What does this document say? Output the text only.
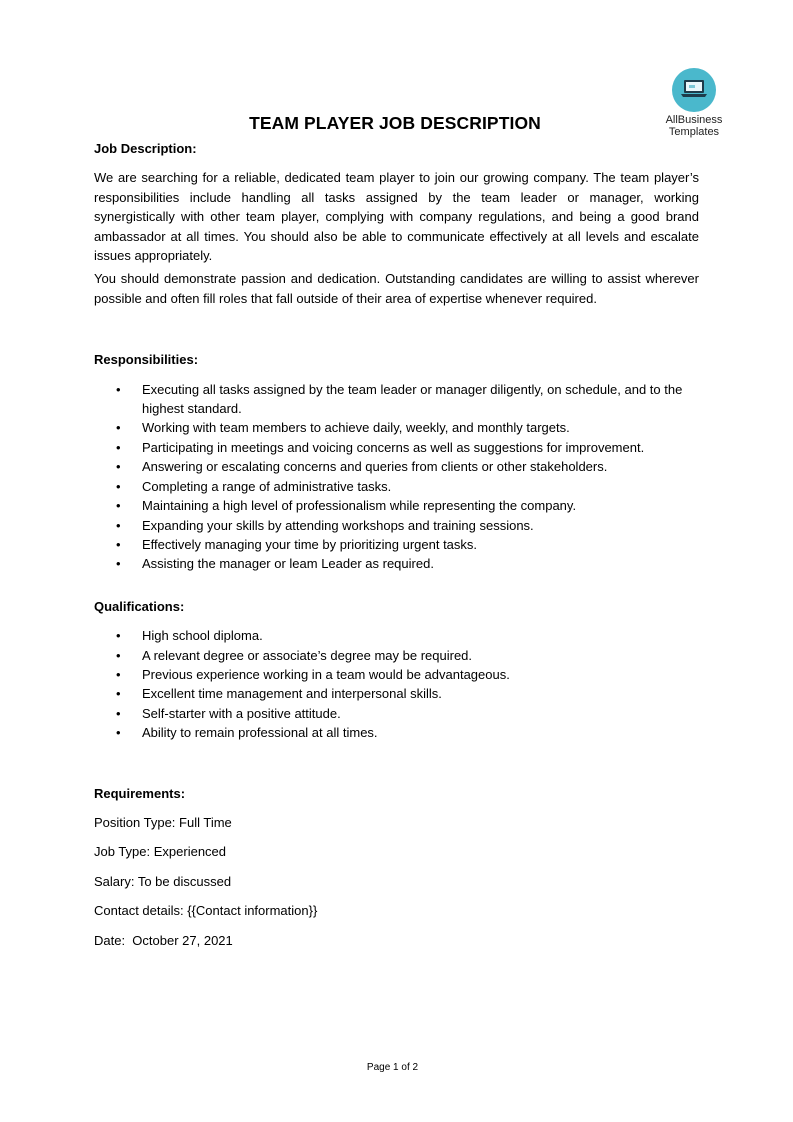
AllBusiness
Templates
TEAM PLAYER JOB DESCRIPTION

Job Description:

We are searching for a reliable, dedicated team player to join our growing company. The team player’s responsibilities include handling all tasks assigned by the team leader or manager, working synergistically with other team player, complying with company regulations, and being a good brand ambassador at all times. You should also be able to communicate effectively at all levels and escalate issues appropriately.

You should demonstrate passion and dedication. Outstanding candidates are willing to assist wherever possible and often fill roles that fall outside of their area of expertise whenever required.

Responsibilities:

• Executing all tasks assigned by the team leader or manager diligently, on schedule, and to the highest standard.
• Working with team members to achieve daily, weekly, and monthly targets.
• Participating in meetings and voicing concerns as well as suggestions for improvement.
• Answering or escalating concerns and queries from clients or other stakeholders.
• Completing a range of administrative tasks.
• Maintaining a high level of professionalism while representing the company.
• Expanding your skills by attending workshops and training sessions.
• Effectively managing your time by prioritizing urgent tasks.
• Assisting the manager or leam Leader as required.

Qualifications:

• High school diploma.
• A relevant degree or associate’s degree may be required.
• Previous experience working in a team would be advantageous.
• Excellent time management and interpersonal skills.
• Self-starter with a positive attitude.
• Ability to remain professional at all times.

Requirements:

Position Type: Full Time

Job Type: Experienced

Salary: To be discussed

Contact details: {{Contact information}}

Date:  October 27, 2021

Page 1 of 2
